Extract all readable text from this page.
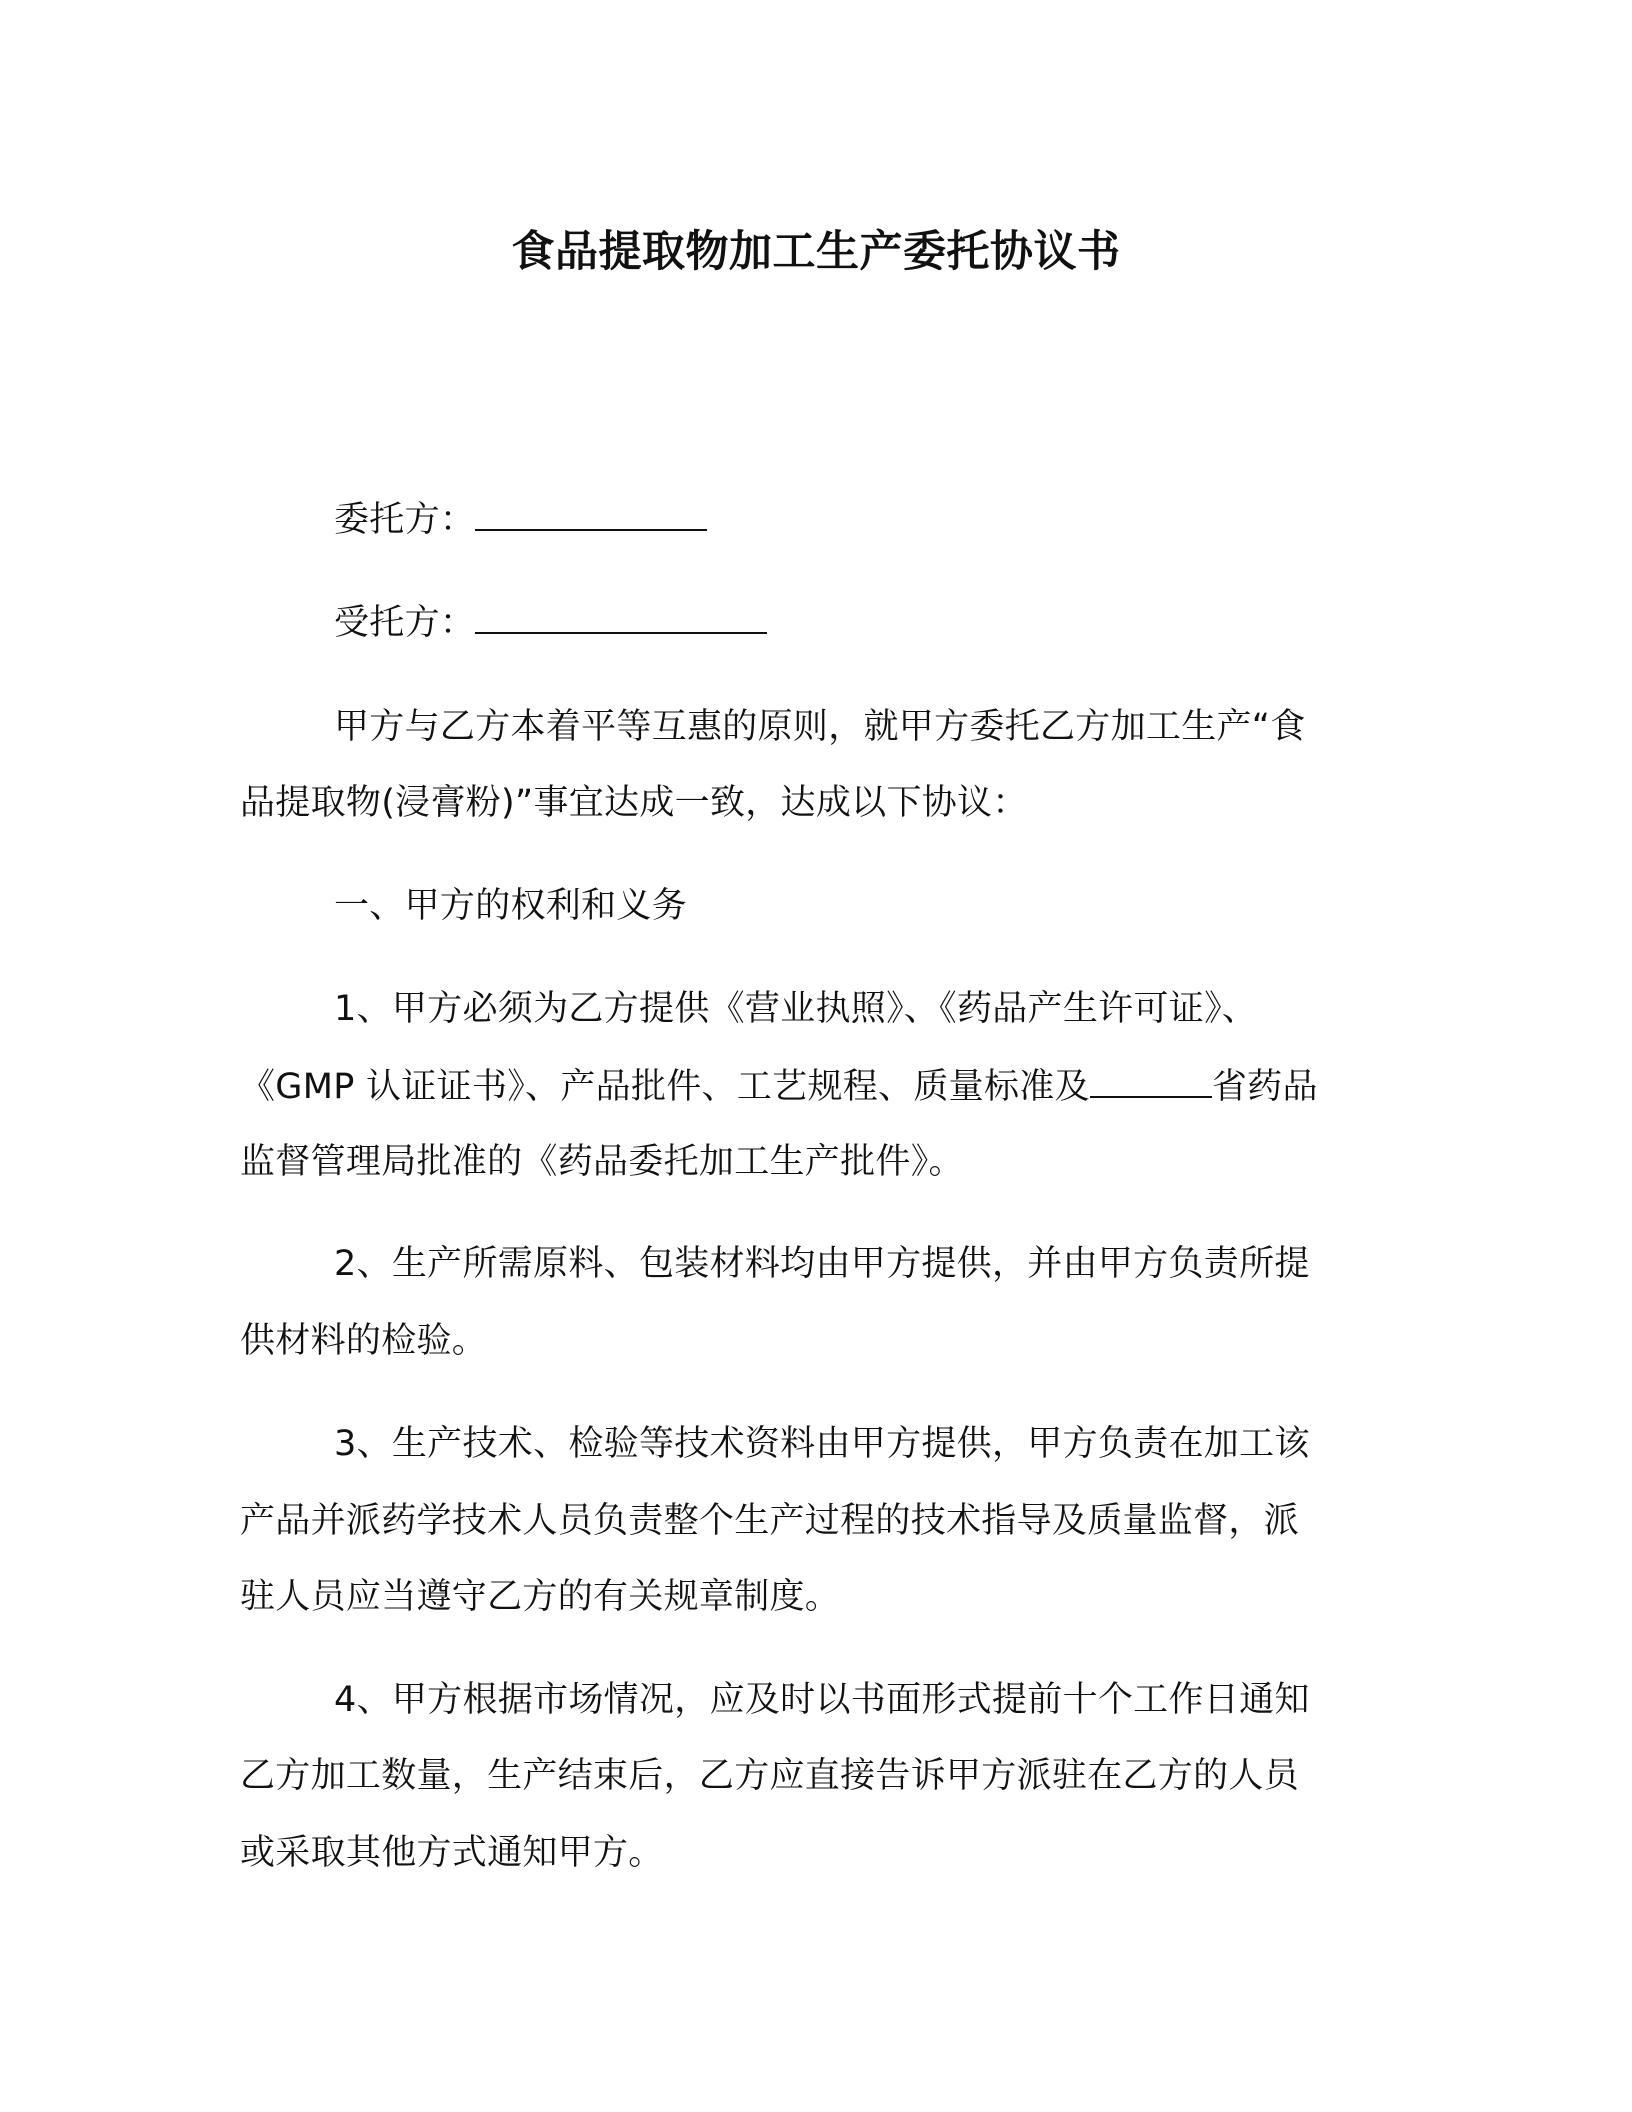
食品提取物加工生产委托协议书
委托方：
受托方：
甲方与乙方本着平等互惠的原则，就甲方委托乙方加工生产“食
品提取物(浸膏粉)”事宜达成一致，达成以下协议：
一、甲方的权利和义务
1、甲方必须为乙方提供《营业执照》、《药品产生许可证》、
《GMP 认证证书》、产品批件、工艺规程、质量标准及	省药品
监督管理局批准的《药品委托加工生产批件》。
2、生产所需原料、包装材料均由甲方提供，并由甲方负责所提
供材料的检验。
3、生产技术、检验等技术资料由甲方提供，甲方负责在加工该
产品并派药学技术人员负责整个生产过程的技术指导及质量监督，派
驻人员应当遵守乙方的有关规章制度。
4、甲方根据市场情况，应及时以书面形式提前十个工作日通知
乙方加工数量，生产结束后，乙方应直接告诉甲方派驻在乙方的人员
或采取其他方式通知甲方。
